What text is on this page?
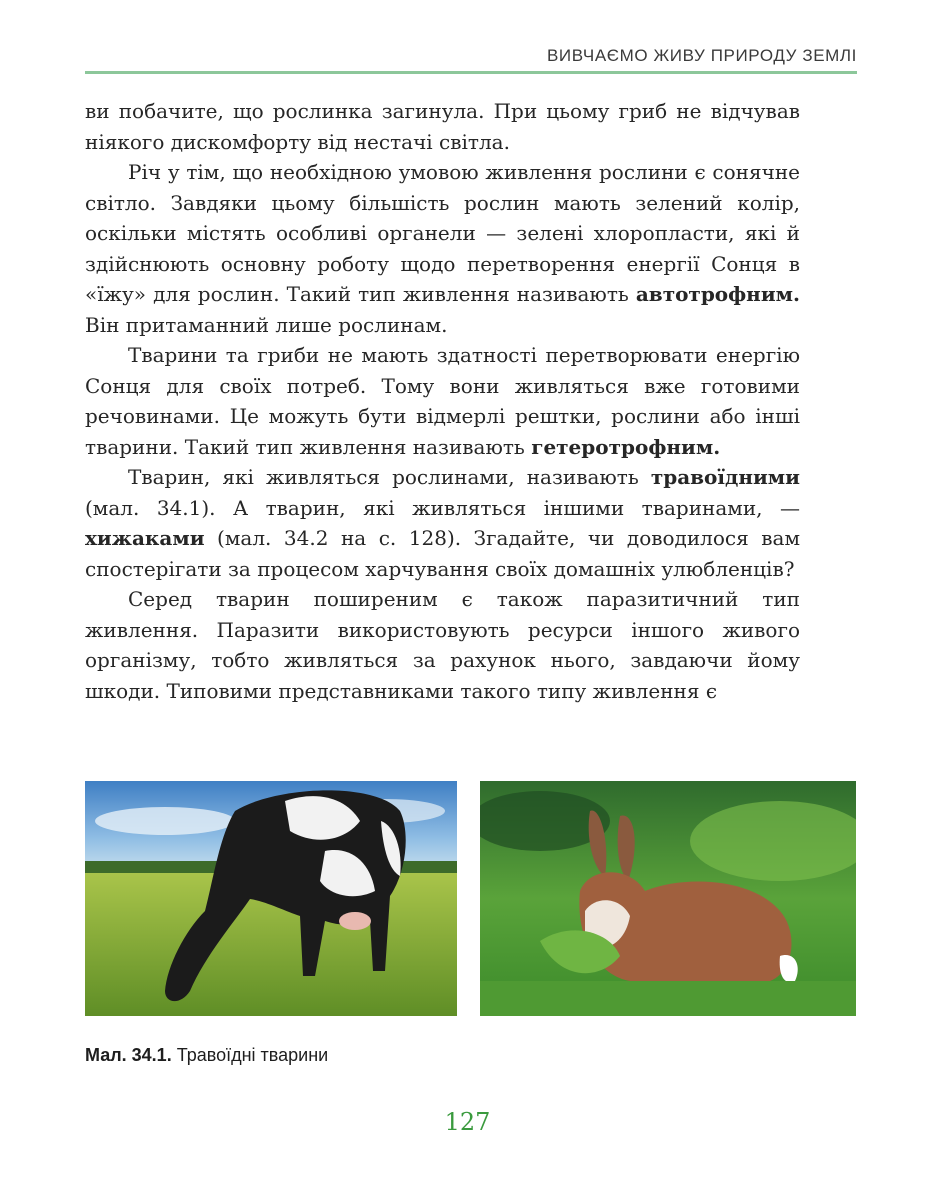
ВИВЧАЄМО ЖИВУ ПРИРОДУ ЗЕМЛІ

ви побачите, що рослинка загинула. При цьому гриб не відчував ніякого дискомфорту від нестачі світла.

Річ у тім, що необхідною умовою живлення рослини є сонячне світло. Завдяки цьому більшість рослин мають зелений колір, оскільки містять особливі органели — зелені хлоропласти, які й здійснюють основну роботу щодо перетворення енергії Сонця в «їжу» для рослин. Такий тип живлення називають автотрофним. Він притаманний лише рослинам.

Тварини та гриби не мають здатності перетворювати енергію Сонця для своїх потреб. Тому вони живляться вже готовими речовинами. Це можуть бути відмерлі рештки, рослини або інші тварини. Такий тип живлення називають гетеротрофним.

Тварин, які живляться рослинами, називають травоїдними (мал. 34.1). А тварин, які живляться іншими тваринами, — хижаками (мал. 34.2 на с. 128). Згадайте, чи доводилося вам спостерігати за процесом харчування своїх домашніх улюбленців?

Серед тварин поширеним є також паразитичний тип живлення. Паразити використовують ресурси іншого живого організму, тобто живляться за рахунок нього, завдаючи йому шкоди. Типовими представниками такого типу живлення є

Мал. 34.1. Травоїдні тварини
127
